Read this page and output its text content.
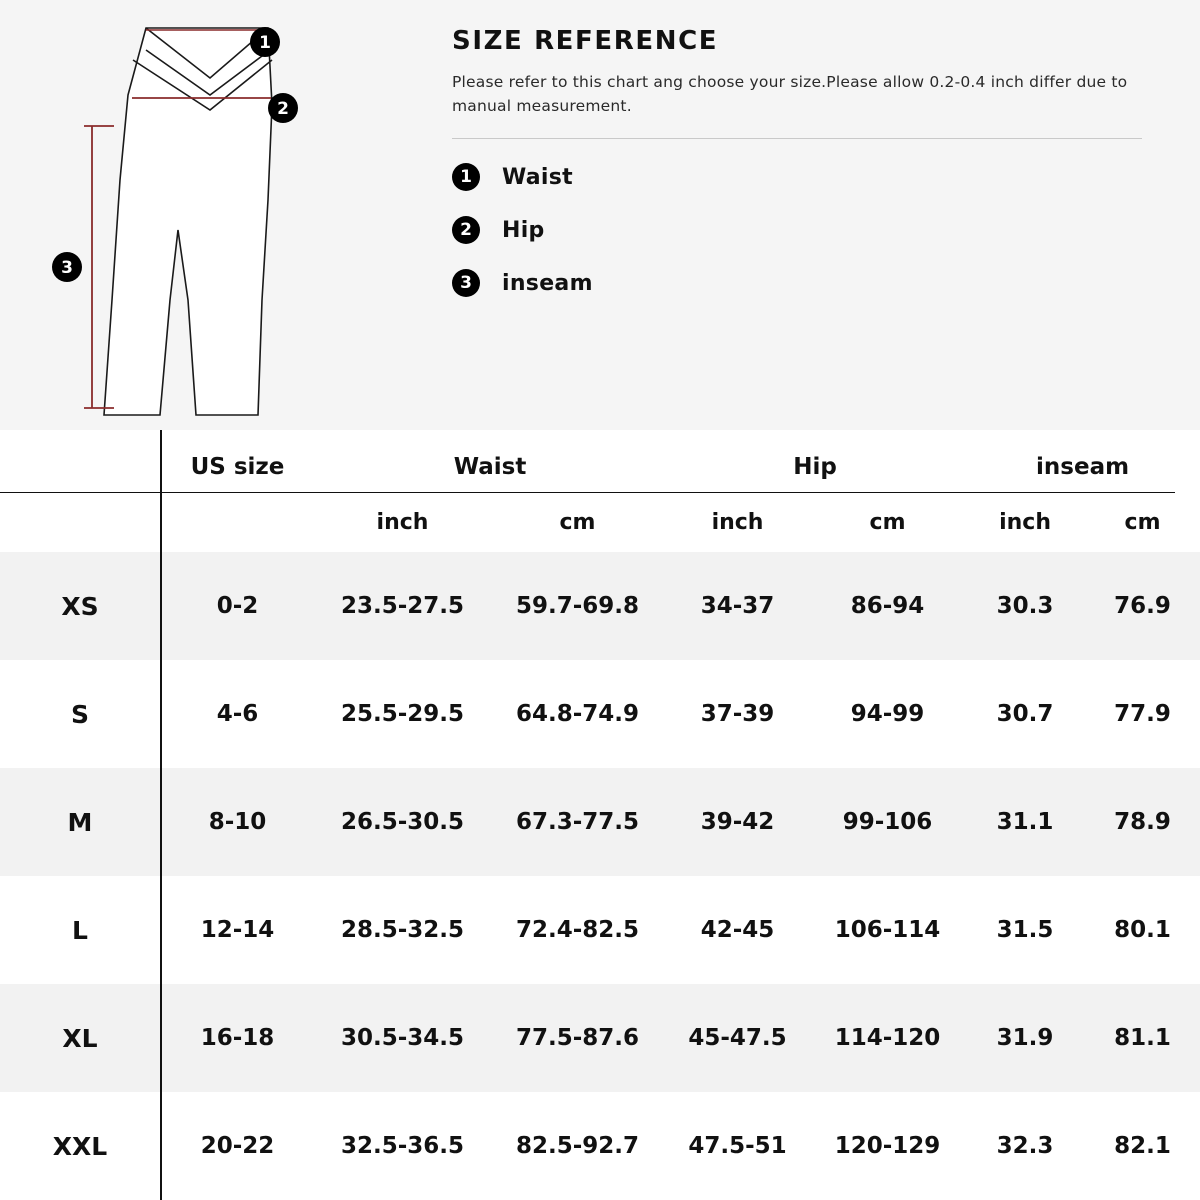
1
2
3
SIZE REFERENCE
Please refer to this chart ang choose your size.Please allow 0.2-0.4 inch differ due to manual measurement.
1	Waist
2	Hip
3	inseam
	US size	Waist		Hip		inseam	
		inch	cm	inch	cm	inch	cm
XS	0-2	23.5-27.5	59.7-69.8	34-37	86-94	30.3	76.9
S	4-6	25.5-29.5	64.8-74.9	37-39	94-99	30.7	77.9
M	8-10	26.5-30.5	67.3-77.5	39-42	99-106	31.1	78.9
L	12-14	28.5-32.5	72.4-82.5	42-45	106-114	31.5	80.1
XL	16-18	30.5-34.5	77.5-87.6	45-47.5	114-120	31.9	81.1
XXL	20-22	32.5-36.5	82.5-92.7	47.5-51	120-129	32.3	82.1
